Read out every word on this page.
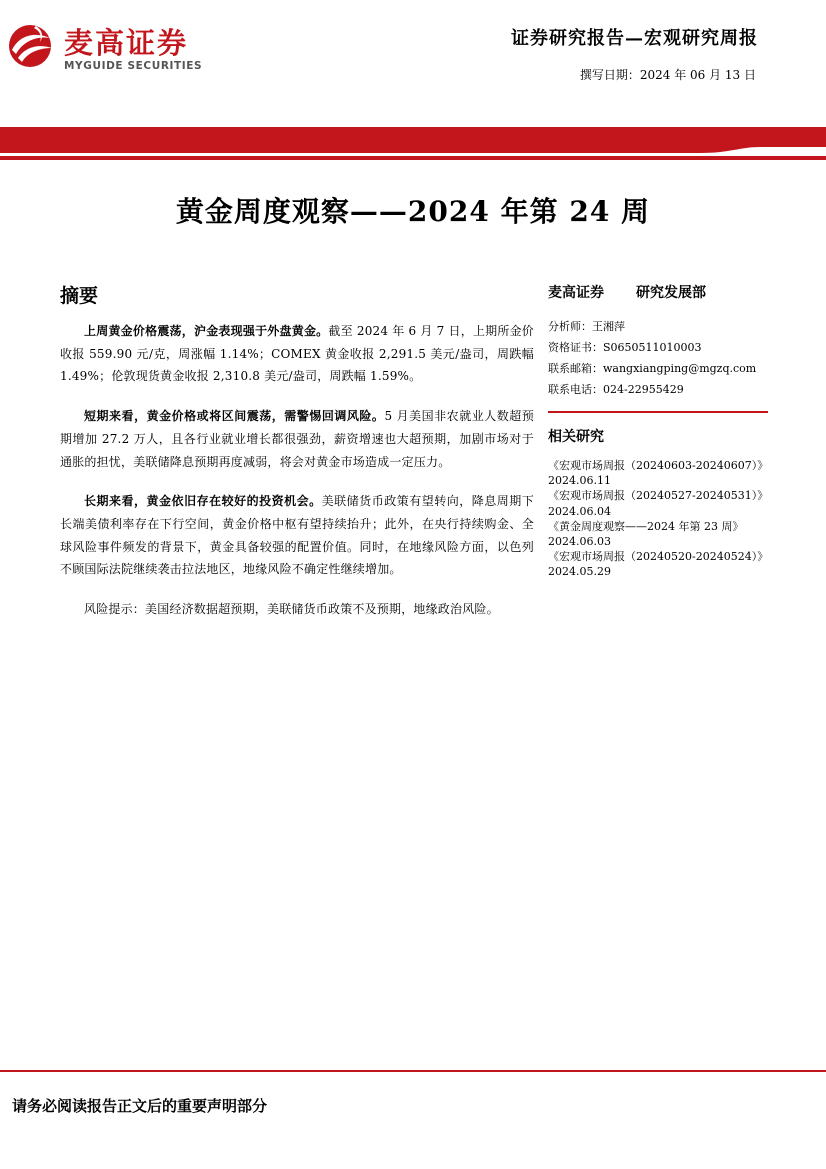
麦高证券
MYGUIDE SECURITIES
证券研究报告—宏观研究周报
撰写日期：2024 年 06 月 13 日
黄金周度观察——2024 年第 24 周
摘要

上周黄金价格震荡，沪金表现强于外盘黄金。截至 2024 年 6 月 7 日，上期所金价收报 559.90 元/克，周涨幅 1.14%；COMEX 黄金收报 2,291.5 美元/盎司，周跌幅 1.49%；伦敦现货黄金收报 2,310.8 美元/盎司，周跌幅 1.59%。

短期来看，黄金价格或将区间震荡，需警惕回调风险。5 月美国非农就业人数超预期增加 27.2 万人，且各行业就业增长都很强劲，薪资增速也大超预期，加剧市场对于通胀的担忧，美联储降息预期再度减弱，将会对黄金市场造成一定压力。

长期来看，黄金依旧存在较好的投资机会。美联储货币政策有望转向，降息周期下长端美债利率存在下行空间，黄金价格中枢有望持续抬升；此外，在央行持续购金、全球风险事件频发的背景下，黄金具备较强的配置价值。同时，在地缘风险方面，以色列不顾国际法院继续袭击拉法地区，地缘风险不确定性继续增加。

风险提示：美国经济数据超预期，美联储货币政策不及预期，地缘政治风险。

麦高证券 研究发展部
分析师：王湘萍
资格证书：S0650511010003
联系邮箱：wangxiangping@mgzq.com
联系电话：024-22955429
相关研究
《宏观市场周报（20240603-20240607）》2024.06.11
《宏观市场周报（20240527-20240531）》2024.06.04
《黄金周度观察——2024 年第 23 周》2024.06.03
《宏观市场周报（20240520-20240524）》2024.05.29
请务必阅读报告正文后的重要声明部分
